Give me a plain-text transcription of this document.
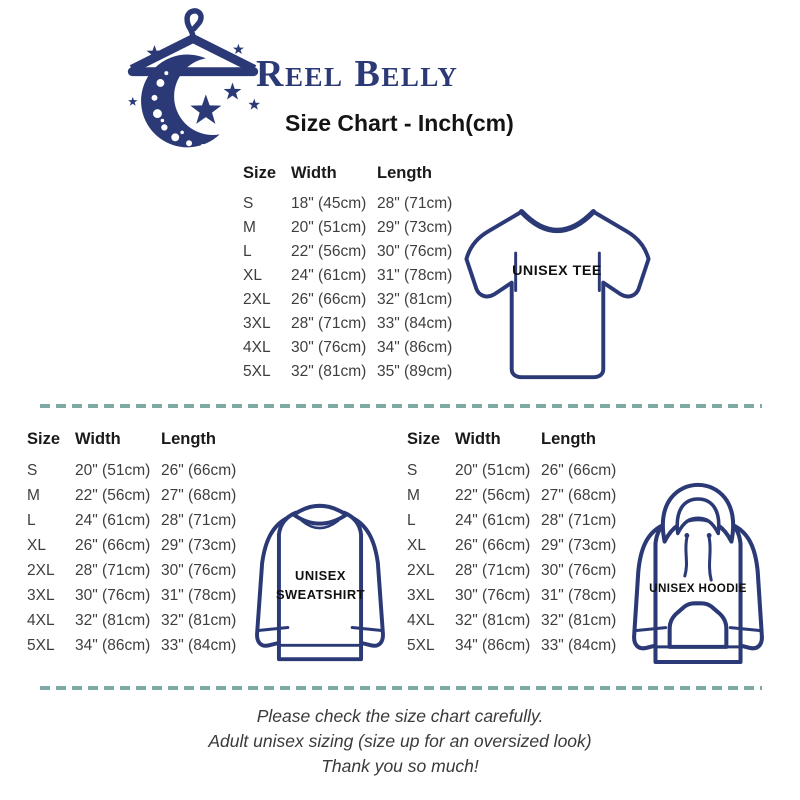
Reel Belly
Size Chart - Inch(cm)
Size	Width	Length
S	18" (45cm)	28" (71cm)
M	20" (51cm)	29" (73cm)
L	22" (56cm)	30" (76cm)
XL	24" (61cm)	31" (78cm)
2XL	26" (66cm)	32" (81cm)
3XL	28" (71cm)	33" (84cm)
4XL	30" (76cm)	34" (86cm)
5XL	32" (81cm)	35" (89cm)
UNISEX TEE
Size	Width	Length
S	20" (51cm)	26" (66cm)
M	22" (56cm)	27" (68cm)
L	24" (61cm)	28" (71cm)
XL	26" (66cm)	29" (73cm)
2XL	28" (71cm)	30" (76cm)
3XL	30" (76cm)	31" (78cm)
4XL	32" (81cm)	32" (81cm)
5XL	34" (86cm)	33" (84cm)
UNISEX
SWEATSHIRT
Size	Width	Length
S	20" (51cm)	26" (66cm)
M	22" (56cm)	27" (68cm)
L	24" (61cm)	28" (71cm)
XL	26" (66cm)	29" (73cm)
2XL	28" (71cm)	30" (76cm)
3XL	30" (76cm)	31" (78cm)
4XL	32" (81cm)	32" (81cm)
5XL	34" (86cm)	33" (84cm)
UNISEX HOODIE
Please check the size chart carefully.
Adult unisex sizing (size up for an oversized look)
Thank you so much!
